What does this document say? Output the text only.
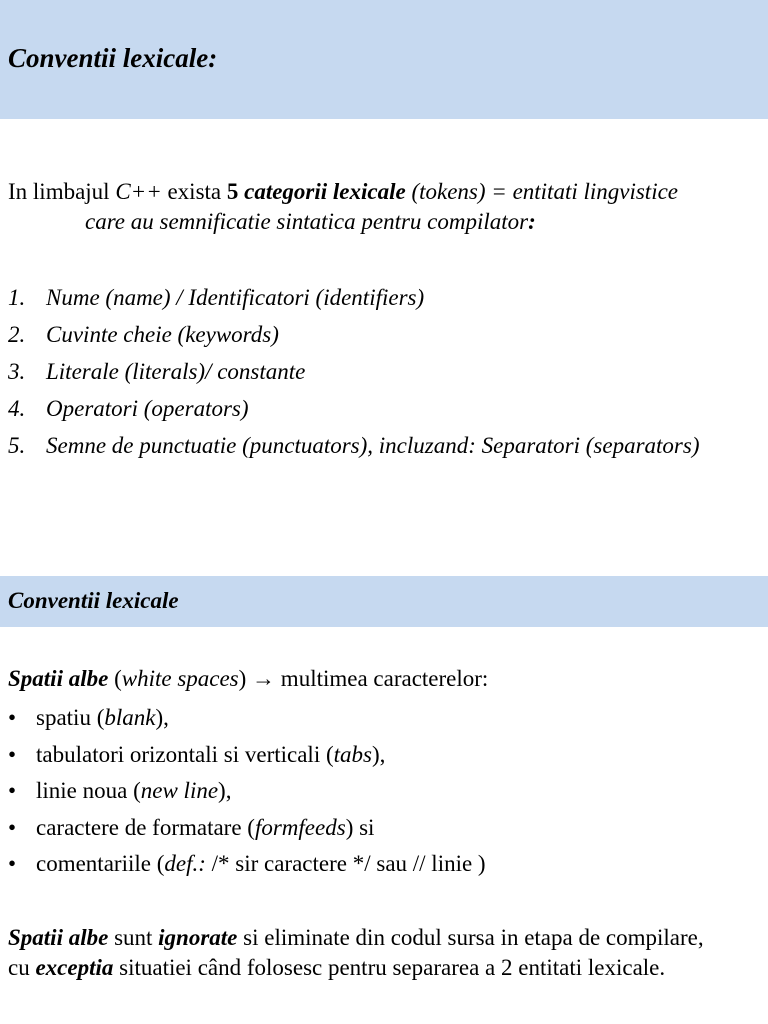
Conventii lexicale:

In limbajul C++ exista 5 categorii lexicale (tokens) = entitati lingvistice
care au semnificatie sintatica pentru compilator:

1. Nume (name) / Identificatori (identifiers)
2. Cuvinte cheie (keywords)
3. Literale (literals)/ constante
4. Operatori (operators)
5. Semne de punctuatie (punctuators), incluzand: Separatori (separators)
Conventii lexicale

Spatii albe (white spaces) → multimea caracterelor:

• spatiu (blank),
• tabulatori orizontali si verticali (tabs),
• linie noua (new line),
• caractere de formatare (formfeeds) si
• comentariile (def.: /* sir caractere */ sau // linie )

Spatii albe sunt ignorate si eliminate din codul sursa in etapa de compilare, cu exceptia situatiei când folosesc pentru separarea a 2 entitati lexicale.
